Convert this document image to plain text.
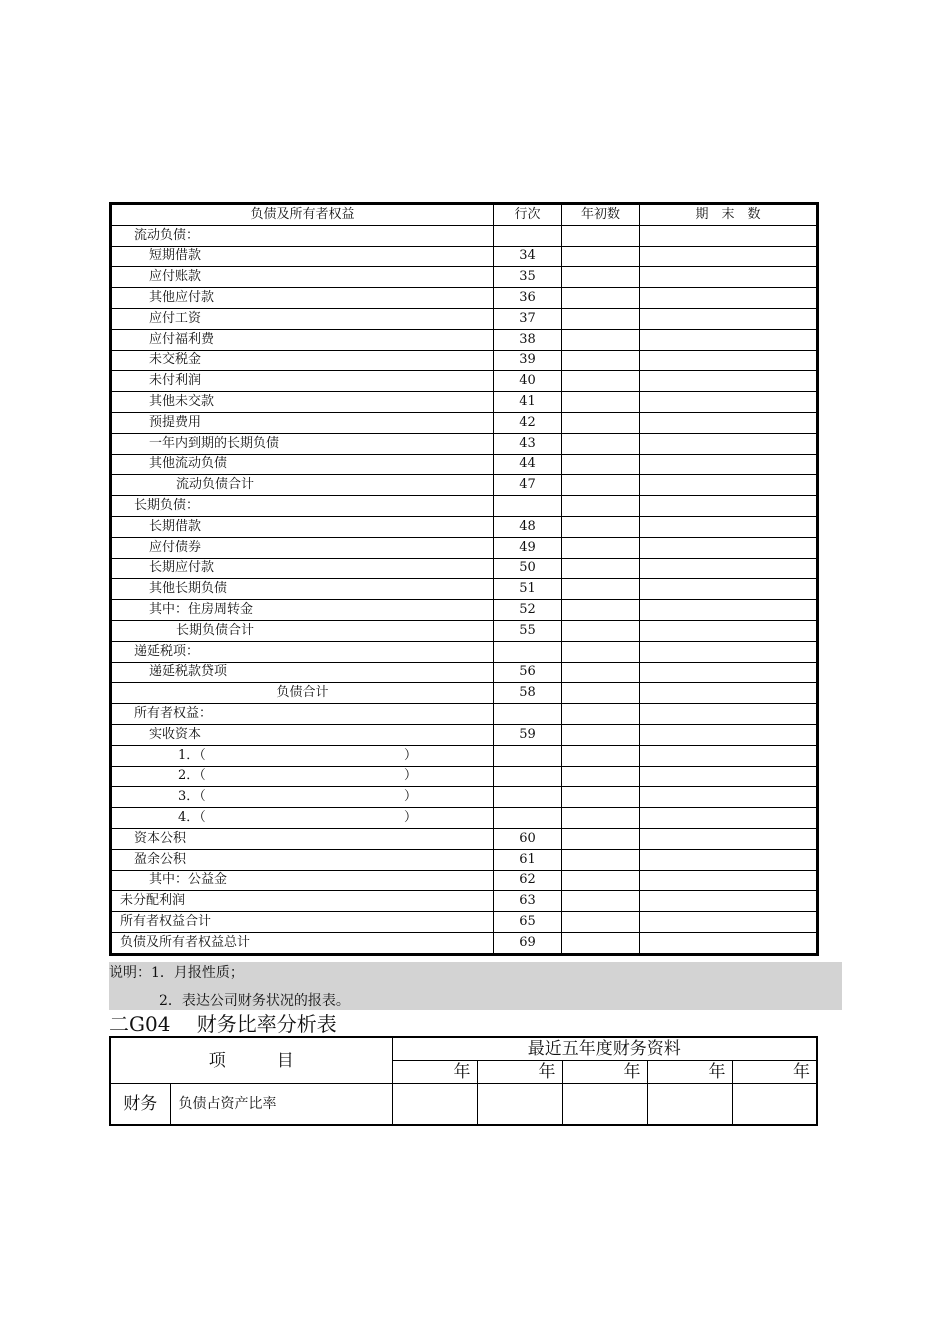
负债及所有者权益	行次	年初数	期　末　数
流动负债：			
短期借款	34		
应付账款	35		
其他应付款	36		
应付工资	37		
应付福利费	38		
未交税金	39		
未付利润	40		
其他未交款	41		
预提费用	42		
一年内到期的长期负债	43		
其他流动负债	44		
流动负债合计	47		
长期负债：			
长期借款	48		
应付债券	49		
长期应付款	50		
其他长期负债	51		
其中：住房周转金	52		
长期负债合计	55		
递延税项：			
递延税款贷项	56		
负债合计	58		
所有者权益：			
实收资本	59		

1．（ ）			

2．（ ）			

3．（ ）			

4．（ ）			

资本公积	60		
盈余公积	61		
其中：公益金	62		
未分配利润	63		
所有者权益合计	65		
负债及所有者权益总计	69		
说明：1．月报性质；
2．表达公司财务状况的报表。
二G04　 财务比率分析表
项　　　目		最近五年度财务资料				
		年	年	年	年	年
财务	负债占资产比率					
